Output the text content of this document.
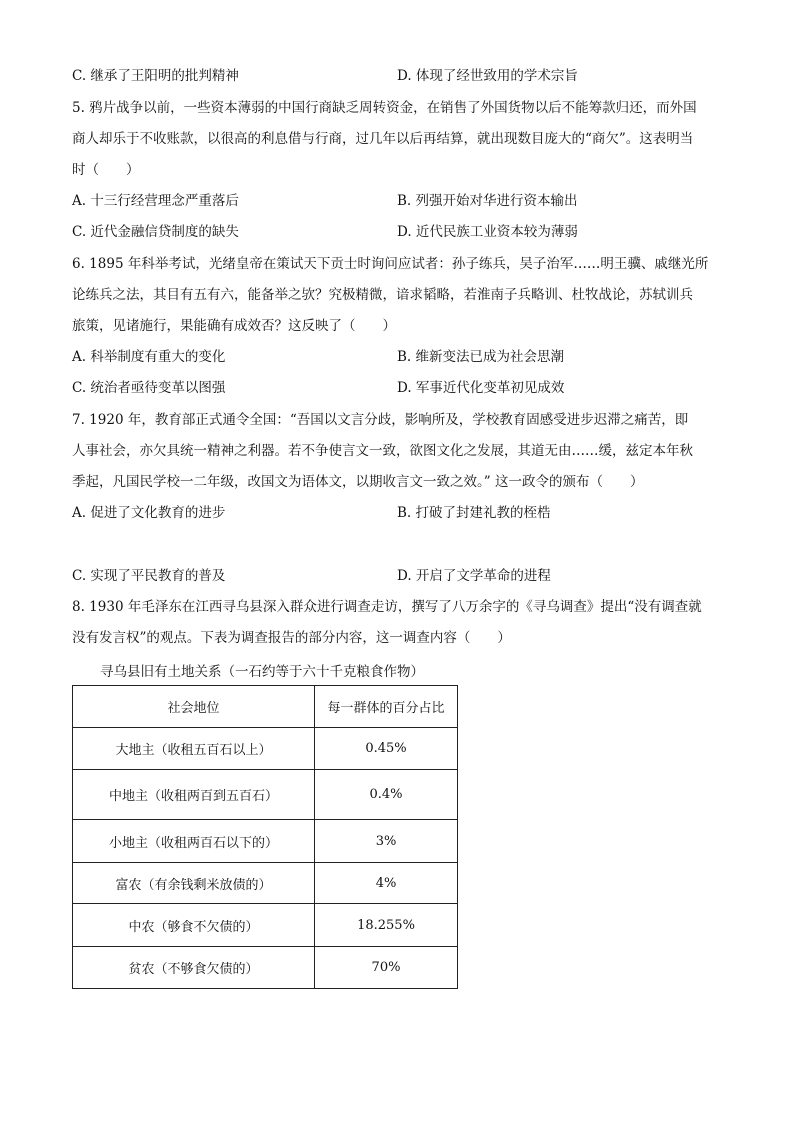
C. 继承了王阳明的批判精神	D. 体现了经世致用的学术宗旨
5. 鸦片战争以前，一些资本薄弱的中国行商缺乏周转资金，在销售了外国货物以后不能筹款归还，而外国
商人却乐于不收账款，以很高的利息借与行商，过几年以后再结算，就出现数目庞大的“商欠”。这表明当
时（　　）
A. 十三行经营理念严重落后	B. 列强开始对华进行资本输出
C. 近代金融信贷制度的缺失	D. 近代民族工业资本较为薄弱
6. 1895 年科举考试，光绪皇帝在策试天下贡士时询问应试者：孙子练兵，吴子治军……明王骥、戚继光所
论练兵之法，其目有五有六，能备举之欤？究极精微，谙求韬略，若淮南子兵略训、杜牧战论，苏轼训兵
旅策，见诸施行，果能确有成效否？这反映了（　　）
A. 科举制度有重大的变化	B. 维新变法已成为社会思潮
C. 统治者亟待变革以图强	D. 军事近代化变革初见成效
7. 1920 年，教育部正式通令全国：“吾国以文言分歧，影响所及，学校教育固感受进步迟滞之痛苦，即
人事社会，亦欠具统一精神之利器。若不争使言文一致，欲图文化之发展，其道无由……缓，兹定本年秋
季起，凡国民学校一二年级，改国文为语体文，以期收言文一致之效。” 这一政令的颁布（　　）
A. 促进了文化教育的进步	B. 打破了封建礼教的桎梏
C. 实现了平民教育的普及	D. 开启了文学革命的进程
8. 1930 年毛泽东在江西寻乌县深入群众进行调查走访，撰写了八万余字的《寻乌调查》提出“没有调查就
没有发言权”的观点。下表为调查报告的部分内容，这一调查内容（　　）
寻乌县旧有土地关系（一石约等于六十千克粮食作物）
社会地位	每一群体的百分占比
大地主（收租五百石以上）	0.45%
中地主（收租两百到五百石）	0.4%
小地主（收租两百石以下的）	3%
富农（有余钱剩米放债的）	4%
中农（够食不欠债的）	18.255%
贫农（不够食欠债的）	70%
